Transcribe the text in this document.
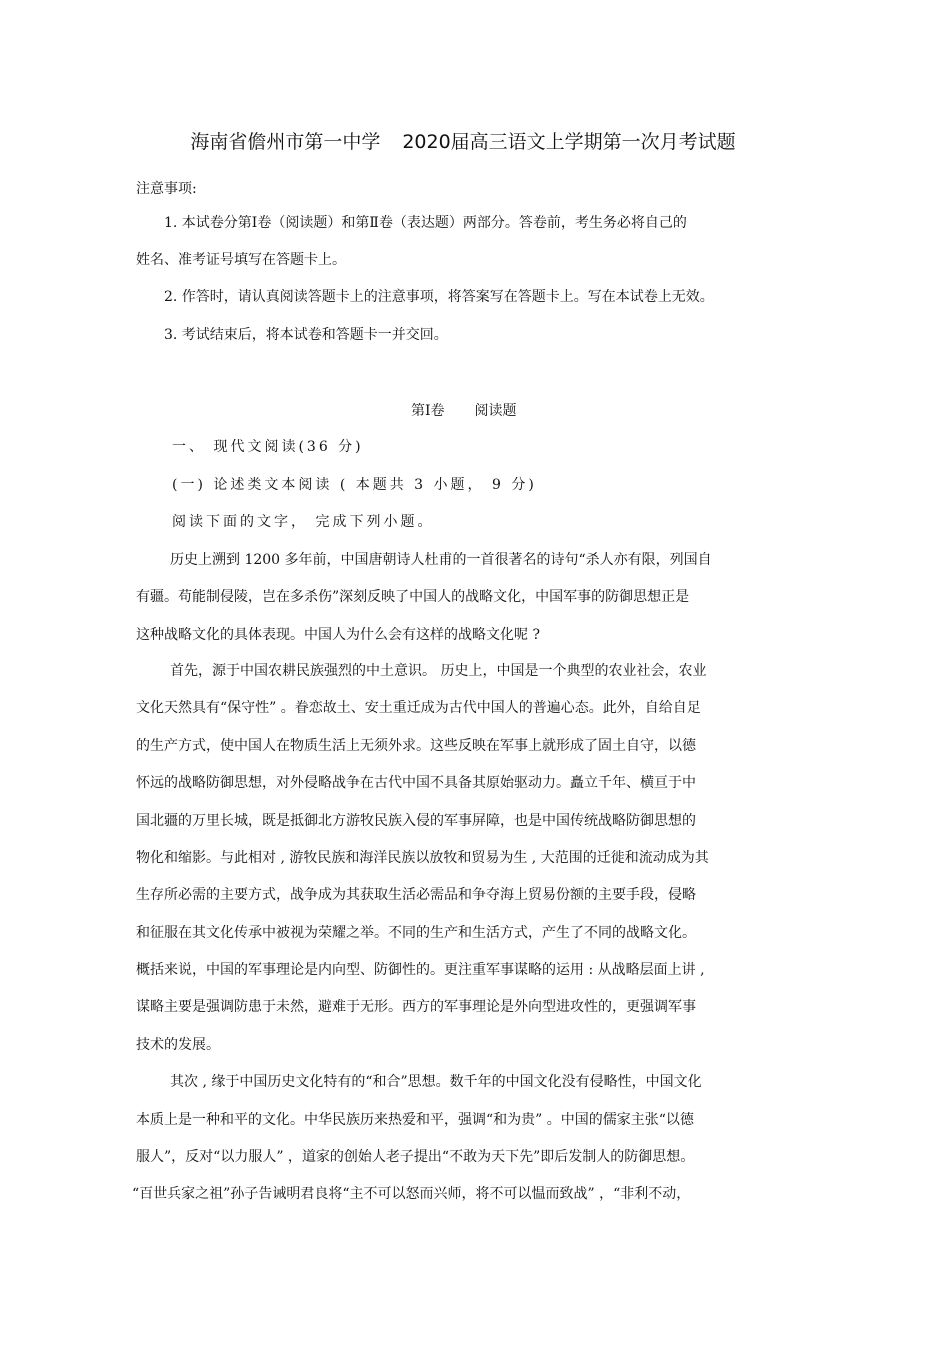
海南省儋州市第一中学 2020届高三语文上学期第一次月考试题
注意事项:
1. 本试卷分第Ⅰ卷（阅读题）和第Ⅱ卷（表达题）两部分。答卷前，考生务必将自己的
姓名、准考证号填写在答题卡上。
2. 作答时，请认真阅读答题卡上的注意事项，将答案写在答题卡上。写在本试卷上无效。
3. 考试结束后，将本试卷和答题卡一并交回。
第Ⅰ卷 阅读题
一、 现代文阅读(36 分)
(一) 论述类文本阅读 ( 本题共 3 小题， 9 分)
阅读下面的文字， 完成下列小题。
历史上溯到 1200 多年前，中国唐朝诗人杜甫的一首很著名的诗句“杀人亦有限，列国自
有疆。苟能制侵陵，岂在多杀伤”深刻反映了中国人的战略文化，中国军事的防御思想正是
这种战略文化的具体表现。中国人为什么会有这样的战略文化呢 ?
首先，源于中国农耕民族强烈的中土意识。 历史上，中国是一个典型的农业社会，农业
文化天然具有“保守性” 。眷恋故土、安土重迁成为古代中国人的普遍心态。此外，自给自足
的生产方式，使中国人在物质生活上无须外求。这些反映在军事上就形成了固土自守，以德
怀远的战略防御思想，对外侵略战争在古代中国不具备其原始驱动力。矗立千年、横亘于中
国北疆的万里长城，既是抵御北方游牧民族入侵的军事屏障，也是中国传统战略防御思想的
物化和缩影。与此相对 , 游牧民族和海洋民族以放牧和贸易为生 , 大范围的迁徙和流动成为其
生存所必需的主要方式，战争成为其获取生活必需品和争夺海上贸易份额的主要手段，侵略
和征服在其文化传承中被视为荣耀之举。不同的生产和生活方式，产生了不同的战略文化。
概括来说，中国的军事理论是内向型、防御性的。更注重军事谋略的运用 : 从战略层面上讲 ,
谋略主要是强调防患于未然，避难于无形。西方的军事理论是外向型进攻性的，更强调军事
技术的发展。
其次 , 缘于中国历史文化特有的“和合”思想。数千年的中国文化没有侵略性，中国文化
本质上是一种和平的文化。中华民族历来热爱和平，强调“和为贵” 。中国的儒家主张“以德
服人”，反对“以力服人” ，道家的创始人老子提出“不敢为天下先”即后发制人的防御思想。
“百世兵家之祖”孙子告诫明君良将“主不可以怒而兴师，将不可以愠而致战” ，“非利不动，
